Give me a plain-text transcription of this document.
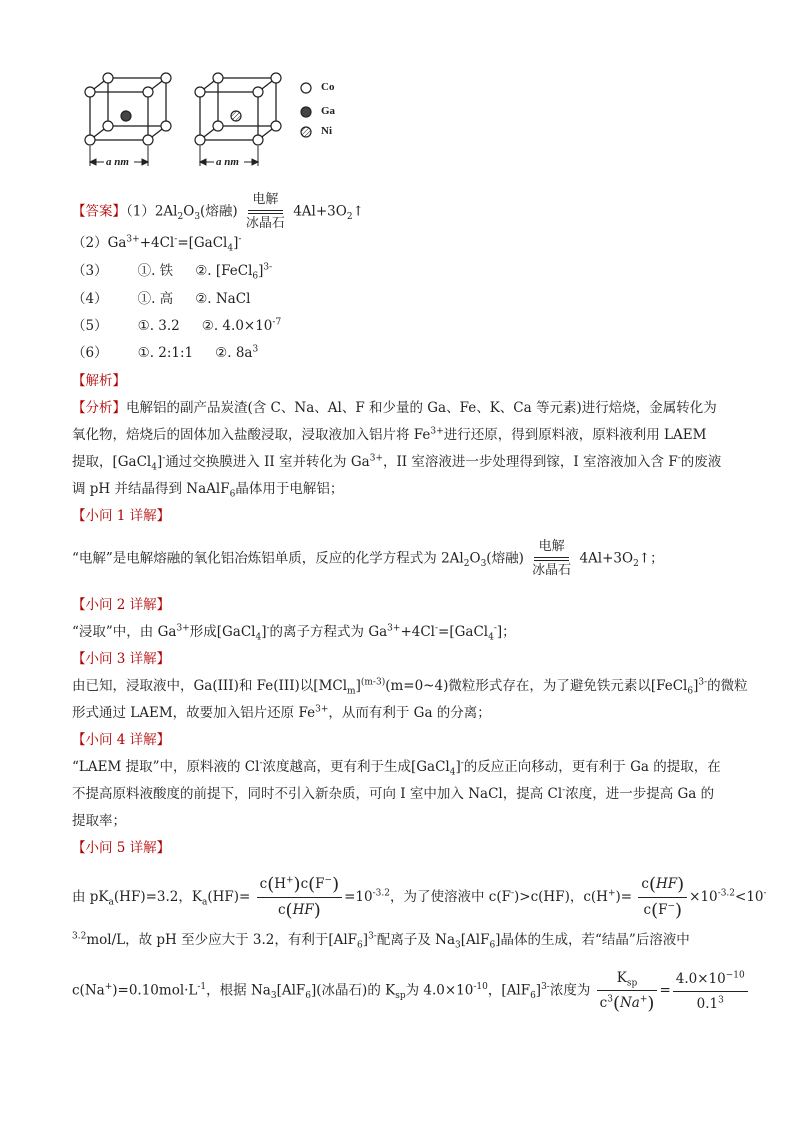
a nm	a nm
Co
Ga
Ni
【答案】$(1)2Al_2O_3$(熔融) $\frac{\text{电解}}{\text{冰晶石}}$ $4Al+3O_2↑$
$(2)Ga^{3+}+4Cl^-=[GaCl_4]^-$
（3） ①. 铁 ②. [FeCl$_6$]$^{3-}$
（4） ①. 高 ②. NaCl
（5） ①. 3.2 ②. $4.0\times 10^{-7}$
（6） ①. 2:1:1 ②. $8a^3$
【解析】
【分析】电解铝的副产品炭渣(含 C、Na、Al、F 和少量的 Ga、Fe、K、Ca 等元素)进行焙烧，金属转化为
氧化物，焙烧后的固体加入盐酸浸取，浸取液加入铝片将 $Fe^{3+}$进行还原，得到原料液，原料液利用 LAEM
提取，[GaCl$_4$]-通过交换膜进入 II 室并转化为 $Ga^{3+}$，II 室溶液进一步处理得到镓，I 室溶液加入含 F-的废液
调 pH 并结晶得到 NaAlF$_6$晶体用于电解铝；
【小问 1 详解】
“电解”是电解熔融的氧化铝冶炼铝单质，反应的化学方程式为 $2Al_2O_3$(熔融) $\frac{\text{电解}}{\text{冰晶石}}$ $4Al+3O_2↑$；
【小问 2 详解】
“浸取”中，由 $Ga^{3+}$形成[GaCl$_4$]-的离子方程式为 $Ga^{3+}+4Cl^-=[GaCl_4^-]$；
【小问 3 详解】
由已知，浸取液中，Ga(III)和 Fe(III)以$[MCl_m]^{(m-3)}(m=0\sim 4)$微粒形式存在，为了避免铁元素以[FeCl$_6$]$^{3-}$的微粒
形式通过 LAEM，故要加入铝片还原 $Fe^{3+}$，从而有利于 Ga 的分离；
【小问 4 详解】
“LAEM 提取”中，原料液的 Cl-浓度越高，更有利于生成[GaCl$_4$]-的反应正向移动，更有利于 Ga 的提取，在
不提高原料液酸度的前提下，同时不引入新杂质，可向 I 室中加入 NaCl，提高 Cl-浓度，进一步提高 Ga 的
提取率；
【小问 5 详解】
由 $pK_a(HF)=3.2$，$K_a(HF)= \frac{c(H^+)c(F^-)}{c(HF)} =10^{-3.2}$，为了使溶液中 c(F-)>c(HF)，$c(H^+)= \frac{c(HF)}{c(F^-)} \times 10^{-3.2}<10^-$
$^{3.2}$mol/L，故 pH 至少应大于 3.2，有利于$[AlF_6]^{3-}$配离子及 $Na_3[AlF_6]$晶体的生成，若“结晶”后溶液中
$c(Na^+)=0.10mol\cdot L^{-1}$，根据 $Na_3[AlF_6]$(冰晶石)的 $K_{sp}$为 $4.0\times 10^{-10}$，$[AlF_6]^{3-}$浓度为 $\frac{K_{sp}}{c^3(Na^+)} = \frac{4.0\times 10^{-10}}{0.1^3}$
